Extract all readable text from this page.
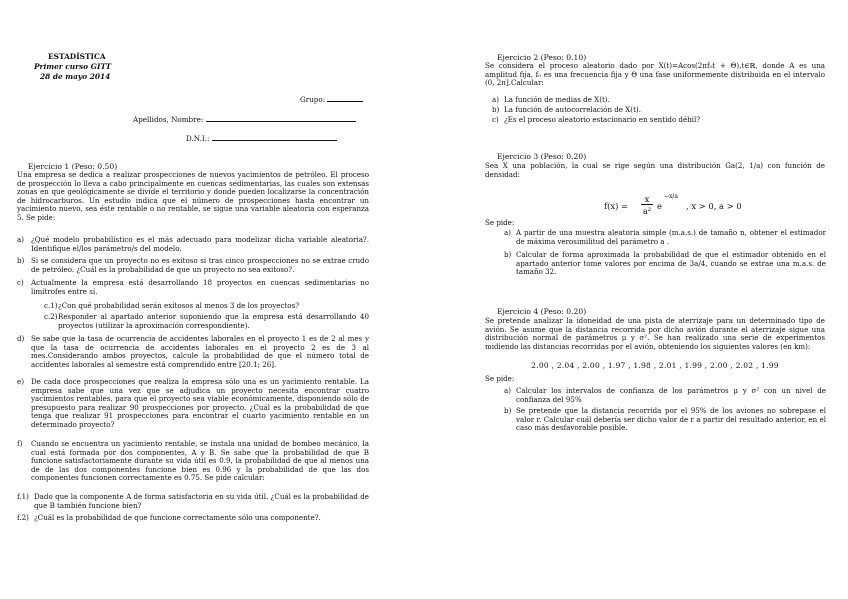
ESTADÍSTICA
Primer curso GITT
28 de mayo 2014
Grupo:
Apellidos, Nombre:
D.N.I.:
Ejercicio 1 (Peso: 0.50)
Una empresa se dedica a realizar prospecciones de nuevos yacimientos de petróleo. El proceso de prospección lo lleva a cabo principalmente en cuencas sedimentarias, las cuales son extensas zonas en que geológicamente se divide el territorio y donde pueden localizarse la concentración de hidrocarburos. Un estudio indica que el número de prospecciones hasta encontrar un yacimiento nuevo, sea éste rentable o no rentable, se sigue una variable aleatoria con esperanza 5. Se pide:
a) ¿Qué modelo probabilístico es el más adecuado para modelizar dicha variable aleatoria?. Identifique el/los parámetro/s del modelo.
b) Si se considera que un proyecto no es exitoso si tras cinco prospecciones no se extrae crudo de petróleo. ¿Cuál es la probabilidad de que un proyecto no sea exitoso?.
c) Actualmente la empresa está desarrollando 18 proyectos en cuencas sedimentarias no limítrofes entre sí.
c.1) ¿Con qué probabilidad serán exitosos al menos 3 de los proyectos?
c.2) Responder al apartado anterior suponiendo que la empresa está desarrollando 40 proyectos (utilizar la aproximación correspondiente).
d) Se sabe que la tasa de ocurrencia de accidentes laborales en el proyecto 1 es de 2 al mes y que la tasa de ocurrencia de accidentes laborales en el proyecto 2 es de 3 al mes.Considerando ambos proyectos, calcule la probabilidad de que el número total de accidentes laborales al semestre está comprendido entre [20.1; 26].
e) De cada doce prospecciones que realiza la empresa sólo una es un yacimiento rentable. La empresa sabe que una vez que se adjudica un proyecto necesita encontrar cuatro yacimientos rentables, para que el proyecto sea viable económicamente, disponiendo sólo de presupuesto para realizar 90 prospecciones por proyecto. ¿Cuál es la probabilidad de que tenga que realizar 91 prospecciones para encontrar el cuarto yacimiento rentable en un determinado proyecto?
f) Cuando se encuentra un yacimiento rentable, se instala una unidad de bombeo mecánico, la cual está formada por dos componentes, A y B. Se sabe que la probabilidad de que B funcione satisfactoriamente durante su vida útil es 0.9, la probabilidad de que al menos una de de las dos componentes funcione bien es 0.96 y la probabilidad de que las dos componentes funcionen correctamente es 0.75. Se pide calcular:
f.1) Dado que la componente A de forma satisfactoria en su vida útil. ¿Cuál es la probabilidad de que B también funcione bien?
f.2) ¿Cuál es la probabilidad de que funcione correctamente sólo una componente?.
Ejercicio 2 (Peso: 0.10)
Se considera el proceso aleatorio dado por X(t)=Acos(2πf₀t + Θ),t∈ℝ, donde A es una amplitud fija, f₀ es una frecuencia fija y Θ una fase uniformemente distribuida en el intervalo (0, 2π].Calcular:
a) La función de medias de X(t).
b) La función de autocorrelación de X(t).
c) ¿Es el proceso aleatorio estacionario en sentido débil?
Ejercicio 3 (Peso: 0.20)
Sea X una población, la cual se rige según una distribución Ga(2, 1/a) con función de densidad:
f(x) =
x
a² e
−x/a
, x > 0, a > 0
Se pide:
a) A partir de una muestra aleatoria simple (m.a.s.) de tamaño n, obtener el estimador de máxima verosimilitud del parámetro a .
b) Calcular de forma aproximada la probabilidad de que el estimador obtenido en el apartado anterior tome valores por encima de 3a/4, cuando se extrae una m.a.s. de tamaño 32.
Ejercicio 4 (Peso: 0.20)
Se pretende analizar la idoneidad de una pista de aterrizaje para un determinado tipo de avión. Se asume que la distancia recorrida por dicho avión durante el aterrizaje sigue una distribución normal de parámetros μ y σ². Se han realizado una serie de experimentos midiendo las distancias recorridas por el avión, obteniendo los siguientes valores (en km):
2.00 , 2.04 , 2.00 , 1.97 , 1.98 , 2.01 , 1.99 , 2.00 , 2.02 , 1.99
Se pide:
a) Calcular los intervalos de confianza de los parámetros μ y σ² con un nivel de confianza del 95%
b) Se pretende que la distancia recorrida por el 95% de los aviones no sobrepase el valor r. Calcular cuál debería ser dicho valor de r a partir del resultado anterior, en el caso más desfavorable posible.
